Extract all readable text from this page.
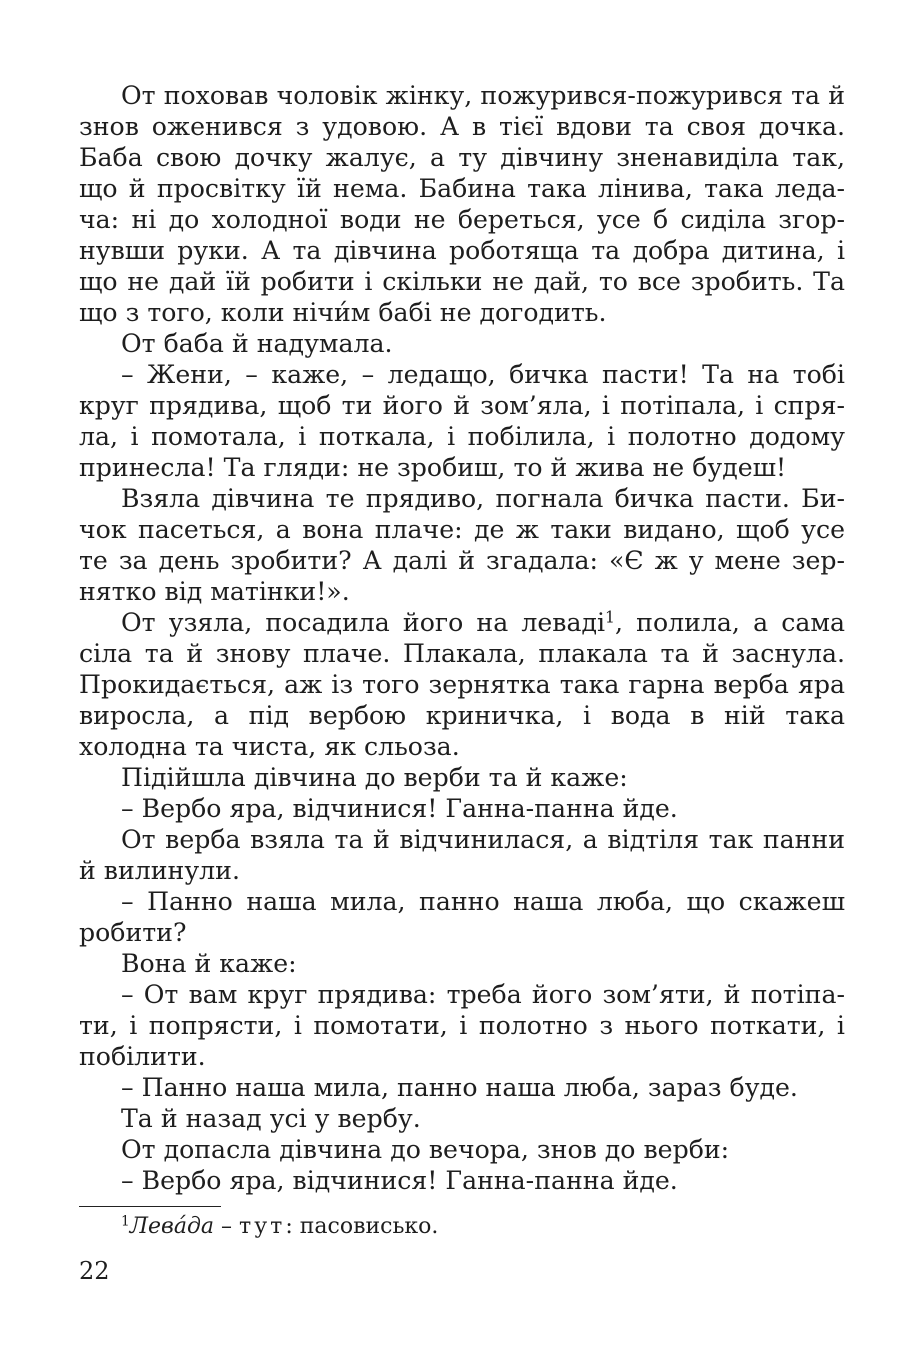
От поховав чоловік жінку, пожурився-пожурився та й знов оженився з удовою. А в тієї вдови та своя дочка. Баба свою дочку жалує, а ту дівчину зненавиділа так, що й просвітку їй нема. Бабина така лінива, така ледача: ні до холодної води не береться, усе б сиділа згорнувши руки. А та дівчина роботяща та добра дитина, і що не дай їй робити і скільки не дай, то все зробить. Та що з того, коли нічи́м бабі не догодить.

От баба й надумала.

– Жени, – каже, – ледащо, бичка пасти! Та на тобі круг прядива, щоб ти його й зом’яла, і потіпала, і спряла, і помотала, і поткала, і побілила, і полотно додому принесла! Та гляди: не зробиш, то й жива не будеш!

Взяла дівчина те прядиво, погнала бичка пасти. Бичок пасеться, а вона плаче: де ж таки видано, щоб усе те за день зробити? А далі й згадала: «Є ж у мене зернятко від матінки!».

От узяла, посадила його на леваді$^1$, полила, а сама сіла та й знову плаче. Плакала, плакала та й заснула. Прокидається, аж із того зернятка така гарна верба яра виросла, а під вербою криничка, і вода в ній така холодна та чиста, як сльоза.

Підійшла дівчина до верби та й каже:

– Вербо яра, відчинися! Ганна-панна йде.

От верба взяла та й відчинилася, а відтіля так панни й вилинули.

– Панно наша мила, панно наша люба, що скажеш робити?

Вона й каже:

– От вам круг прядива: треба його зом’яти, й потіпати, і попрясти, і помотати, і полотно з нього поткати, і побілити.

– Панно наша мила, панно наша люба, зараз буде.

Та й назад усі у вербу.

От допасла дівчина до вечора, знов до верби:

– Вербо яра, відчинися! Ганна-панна йде.

$^1$Лева́да – тут: пасовисько.
22
